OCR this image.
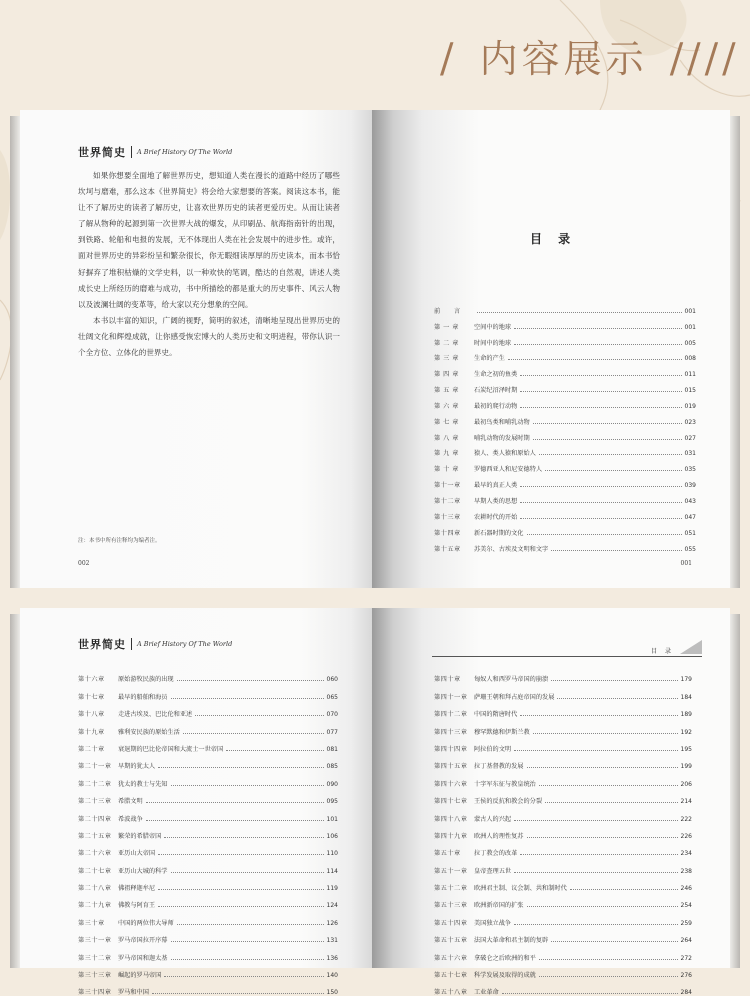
/ 内容展示 ////
世界简史 A Brief History Of The World

如果你想要全面地了解世界历史，想知道人类在漫长的道路中经历了哪些坎坷与磨难，那么这本《世界简史》将会给大家想要的答案。阅读这本书，能让不了解历史的读者了解历史，让喜欢世界历史的读者更爱历史。从而让读者了解从物种的起源到第一次世界大战的爆发，从印刷品、航海指南针的出现，到铁路、轮船和电报的发展，无不体现出人类在社会发展中的进步性。或许，面对世界历史的异彩纷呈和繁杂很长，你无暇细读厚厚的历史读本，而本书恰好摒弃了堆积枯燥的文学史料，以一种欢快的笔调，酷达的自然观，讲述人类成长史上所经历的磨难与成功，书中所描绘的都是重大的历史事件、风云人物以及波澜壮阔的变革等，给大家以充分想象的空间。

本书以丰富的知识，广阔的视野，简明的叙述，清晰地呈现出世界历史的壮阔文化和辉煌成就，让你感受恢宏博大的人类历史和文明进程，带你认识一个全方位、立体化的世界史。

注：本书中所有注释均为编者注。
002
目 录
前　　言	001
第 一 章	空间中的地球	001
第 二 章	时间中的地球	005
第 三 章	生命的产生	008
第 四 章	生命之初的鱼类	011
第 五 章	石炭纪沼泽时期	015
第 六 章	最初的爬行动物	019
第 七 章	最初鸟类和哺乳动物	023
第 八 章	哺乳动物的发展时期	027
第 九 章	猿人、类人猿和原始人	031
第 十 章	罗德西亚人和尼安德特人	035
第十一章	最早的真正人类	039
第十二章	早期人类的思想	043
第十三章	农耕时代的开始	047
第十四章	新石器时期的文化	051
第十五章	苏美尔、古埃及文明和文字	055
001
世界简史 A Brief History Of The World
第十六章	原始游牧民族的出现	060
第十七章	最早的船舶和海员	065
第十八章	走进古埃及、巴比伦和亚述	070
第十九章	雅利安民族的原始生活	077
第二十章	衰退期的巴比伦帝国和大流士一世帝国	081
第二十一章	早期的犹太人	085
第二十二章	犹太的教士与先知	090
第二十三章	希腊文明	095
第二十四章	希波战争	101
第二十五章	繁荣的希腊帝国	106
第二十六章	亚历山大帝国	110
第二十七章	亚历山大城的科学	114
第二十八章	佛祖释迦牟尼	119
第二十九章	佛教与阿育王	124
第三十章	中国的两位伟大导师	126
第三十一章	罗马帝国拉开序幕	131
第三十二章	罗马帝国和迦太基	136
第三十三章	崛起的罗马帝国	140
第三十四章	罗马和中国	150
目 录
第四十章	匈奴人和西罗马帝国的崩溃	179
第四十一章	萨珊王朝和拜占庭帝国的发展	184
第四十二章	中国的隋唐时代	189
第四十三章	穆罕默德和伊斯兰教	192
第四十四章	阿拉伯的文明	195
第四十五章	拉丁基督教的发展	199
第四十六章	十字军东征与教皇统治	206
第四十七章	王侯的反抗和教会的分裂	214
第四十八章	蒙古人的兴起	222
第四十九章	欧洲人的理性复苏	226
第五十章	拉丁教会的改革	234
第五十一章	皇帝查理五世	238
第五十二章	欧洲君主制、议会制、共和制时代	246
第五十三章	欧洲新帝国的扩张	254
第五十四章	美国独立战争	259
第五十五章	法国大革命和君主制的复辟	264
第五十六章	拿破仑之后欧洲的和平	272
第五十七章	科学发展及取得的成就	276
第五十八章	工业革命	284
